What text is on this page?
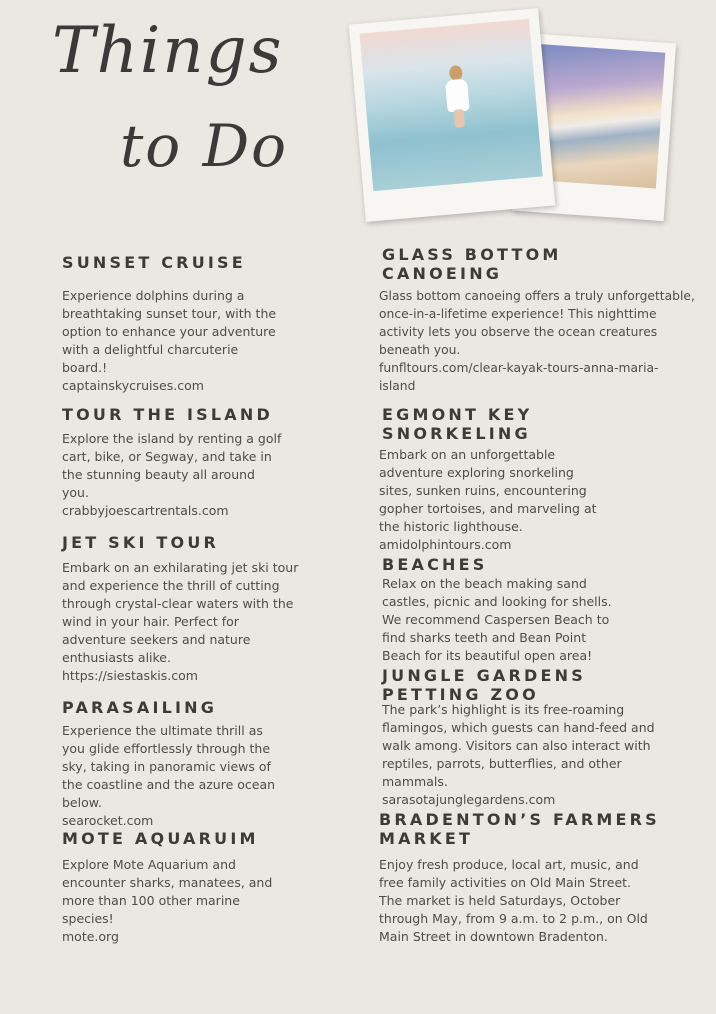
Things
to Do
SUNSET CRUISE

Experience dolphins during a
breathtaking sunset tour, with the
option to enhance your adventure
with a delightful charcuterie
board.!
captainskycruises.com

TOUR THE ISLAND

Explore the island by renting a golf
cart, bike, or Segway, and take in
the stunning beauty all around
you.
crabbyjoescartrentals.com

JET SKI TOUR

Embark on an exhilarating jet ski tour
and experience the thrill of cutting
through crystal-clear waters with the
wind in your hair. Perfect for
adventure seekers and nature
enthusiasts alike.
https://siestaskis.com

PARASAILING

Experience the ultimate thrill as
you glide effortlessly through the
sky, taking in panoramic views of
the coastline and the azure ocean
below.
searocket.com

MOTE AQUARUIM

Explore Mote Aquarium and
encounter sharks, manatees, and
more than 100 other marine
species!
mote.org

GLASS BOTTOM
CANOEING

Glass bottom canoeing offers a truly unforgettable,
once-in-a-lifetime experience! This nighttime
activity lets you observe the ocean creatures
beneath you.
funfltours.com/clear-kayak-tours-anna-maria-
island

EGMONT KEY
SNORKELING

Embark on an unforgettable
adventure exploring snorkeling
sites, sunken ruins, encountering
gopher tortoises, and marveling at
the historic lighthouse.
amidolphintours.com

BEACHES

Relax on the beach making sand
castles, picnic and looking for shells.
We recommend Caspersen Beach to
find sharks teeth and Bean Point
Beach for its beautiful open area!

JUNGLE GARDENS
PETTING ZOO

The park’s highlight is its free-roaming
flamingos, which guests can hand-feed and
walk among. Visitors can also interact with
reptiles, parrots, butterflies, and other
mammals.
sarasotajunglegardens.com

BRADENTON’S FARMERS
MARKET

Enjoy fresh produce, local art, music, and
free family activities on Old Main Street.
The market is held Saturdays, October
through May, from 9 a.m. to 2 p.m., on Old
Main Street in downtown Bradenton.
